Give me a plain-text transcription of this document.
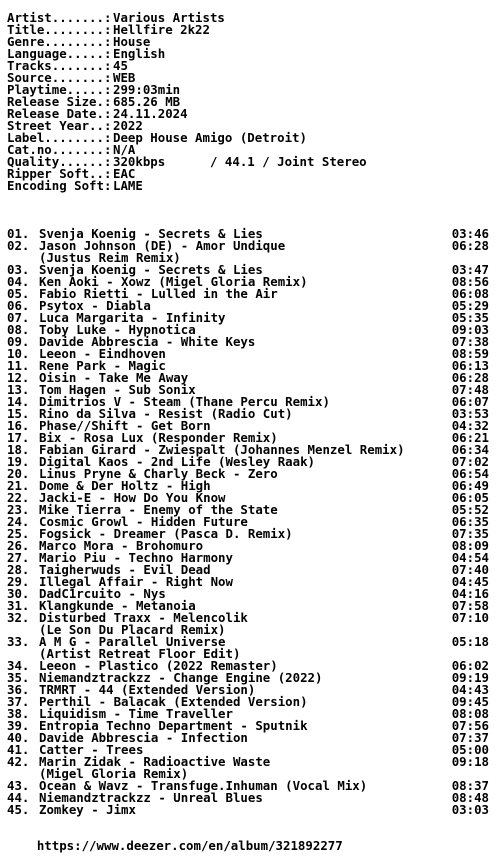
Artist.......: Various Artists
Title........: Hellfire 2k22
Genre........: House
Language.....: English
Tracks.......: 45
Source.......: WEB
Playtime.....: 299:03min
Release Size.: 685.26 MB
Release Date.: 24.11.2024
Street Year..: 2022
Label........: Deep House Amigo (Detroit)
Cat.no.......: N/A
Quality......: 320kbps      / 44.1 / Joint Stereo
Ripper Soft..: EAC
Encoding Soft: LAME
01. Svenja Koenig - Secrets & Lies	03:46
02. Jason Johnson (DE) - Amor Undique	06:28
(Justus Reim Remix)
03. Svenja Koenig - Secrets & Lies	03:47
04. Ken Aoki - Xowz (Migel Gloria Remix)	08:56
05. Fabio Rietti - Lulled in the Air	06:08
06. Psytox - Diabla	05:29
07. Luca Margarita - Infinity	05:35
08. Toby Luke - Hypnotica	09:03
09. Davide Abbrescia - White Keys	07:38
10. Leeon - Eindhoven	08:59
11. Rene Park - Magic	06:13
12. Oisin - Take Me Away	06:28
13. Tom Hagen - Sub Sonix	07:48
14. Dimitrios V - Steam (Thane Percu Remix)	06:07
15. Rino da Silva - Resist (Radio Cut)	03:53
16. Phase//Shift - Get Born	04:32
17. Bix - Rosa Lux (Responder Remix)	06:21
18. Fabian Girard - Zwiespalt (Johannes Menzel Remix)	06:34
19. Digital Kaos - 2nd Life (Wesley Raak)	07:02
20. Linus Pryne & Charly Beck - Zero	06:54
21. Dome & Der Holtz - High	06:49
22. Jacki-E - How Do You Know	06:05
23. Mike Tierra - Enemy of the State	05:52
24. Cosmic Growl - Hidden Future	06:35
25. Fogsick - Dreamer (Pasca D. Remix)	07:35
26. Marco Mora - Brohomuro	08:09
27. Mario Piu - Techno Harmony	04:54
28. Taigherwuds - Evil Dead	07:40
29. Illegal Affair - Right Now	04:45
30. DadC1rcuito - Nys	04:16
31. Klangkunde - Metanoia	07:58
32. Disturbed Traxx - Melencolik	07:10
(Le Son Du Placard Remix)
33. A M G - Parallel Universe	05:18
(Artist Retreat Floor Edit)
34. Leeon - Plastico (2022 Remaster)	06:02
35. Niemandztrackzz - Change Engine (2022)	09:19
36. TRMRT - 44 (Extended Version)	04:43
37. Perthil - Balacak (Extended Version)	09:45
38. Liquidism - Time Traveller	08:08
39. Entropia Techno Department - Sputnik	07:56
40. Davide Abbrescia - Infection	07:37
41. Catter - Trees	05:00
42. Marin Zidak - Radioactive Waste	09:18
(Migel Gloria Remix)
43. Ocean & Wavz - Transfuge.Inhuman (Vocal Mix)	08:37
44. Niemandztrackzz - Unreal Blues	08:48
45. Zomkey - Jimx	03:03

https://www.deezer.com/en/album/321892277
